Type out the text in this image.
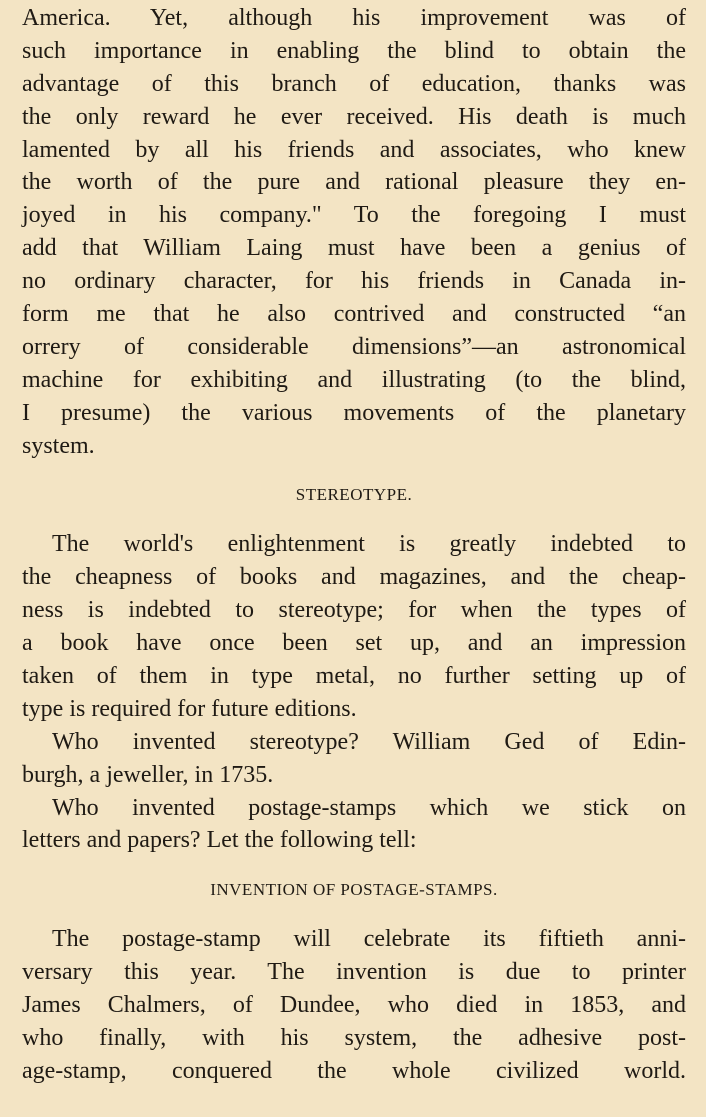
America. Yet, although his improvement was of
such importance in enabling the blind to obtain the
advantage of this branch of education, thanks was
the only reward he ever received. His death is much
lamented by all his friends and associates, who knew
the worth of the pure and rational pleasure they en-
joyed in his company." To the foregoing I must
add that William Laing must have been a genius of
no ordinary character, for his friends in Canada in-
form me that he also contrived and constructed “an
orrery of considerable dimensions”—an astronomical
machine for exhibiting and illustrating (to the blind,
I presume) the various movements of the planetary
system.
STEREOTYPE.
The world's enlightenment is greatly indebted to
the cheapness of books and magazines, and the cheap-
ness is indebted to stereotype; for when the types of
a book have once been set up, and an impression
taken of them in type metal, no further setting up of
type is required for future editions.
Who invented stereotype? William Ged of Edin-
burgh, a jeweller, in 1735.
Who invented postage-stamps which we stick on
letters and papers? Let the following tell:
INVENTION OF POSTAGE-STAMPS.
The postage-stamp will celebrate its fiftieth anni-
versary this year. The invention is due to printer
James Chalmers, of Dundee, who died in 1853, and
who finally, with his system, the adhesive post-
age-stamp, conquered the whole civilized world.
